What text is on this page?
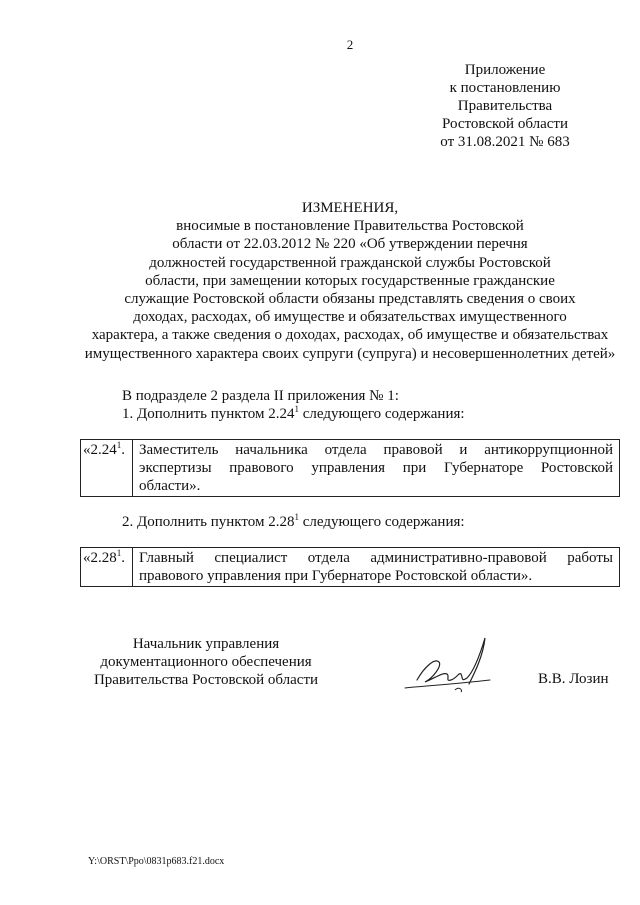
2
Приложение
к постановлению
Правительства
Ростовской области
от 31.08.2021 № 683
ИЗМЕНЕНИЯ,
вносимые в постановление Правительства Ростовской
области от 22.03.2012 № 220 «Об утверждении перечня
должностей государственной гражданской службы Ростовской
области, при замещении которых государственные гражданские
служащие Ростовской области обязаны представлять сведения о своих
доходах, расходах, об имуществе и обязательствах имущественного
характера, а также сведения о доходах, расходах, об имуществе и обязательствах
имущественного характера своих супруги (супруга) и несовершеннолетних детей»
В подразделе 2 раздела II приложения № 1:
1. Дополнить пунктом 2.24$^1$ следующего содержания:
«2.24$^1$. Заместитель начальника отдела правовой и антикоррупционной
экспертизы правового управления при Губернаторе Ростовской
области».
2. Дополнить пунктом 2.28$^1$ следующего содержания:
«2.28$^1$. Главный специалист отдела административно-правовой работы
правового управления при Губернаторе Ростовской области».
Начальник управления
документационного обеспечения
Правительства Ростовской области	В.В. Лозин
Y:\ORST\Ppo\0831p683.f21.docx
